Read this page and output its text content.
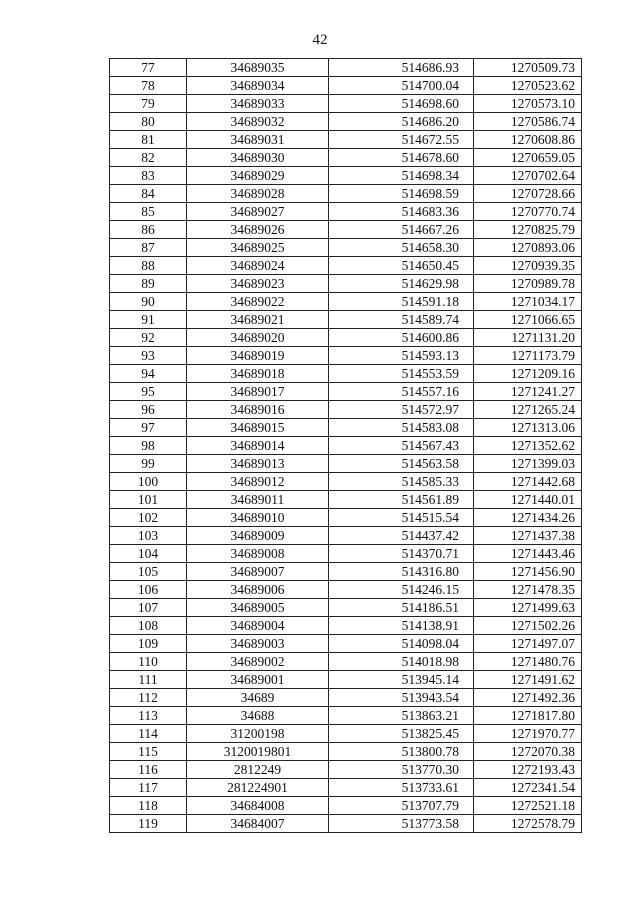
42
77	34689035	514686.93	1270509.73
78	34689034	514700.04	1270523.62
79	34689033	514698.60	1270573.10
80	34689032	514686.20	1270586.74
81	34689031	514672.55	1270608.86
82	34689030	514678.60	1270659.05
83	34689029	514698.34	1270702.64
84	34689028	514698.59	1270728.66
85	34689027	514683.36	1270770.74
86	34689026	514667.26	1270825.79
87	34689025	514658.30	1270893.06
88	34689024	514650.45	1270939.35
89	34689023	514629.98	1270989.78
90	34689022	514591.18	1271034.17
91	34689021	514589.74	1271066.65
92	34689020	514600.86	1271131.20
93	34689019	514593.13	1271173.79
94	34689018	514553.59	1271209.16
95	34689017	514557.16	1271241.27
96	34689016	514572.97	1271265.24
97	34689015	514583.08	1271313.06
98	34689014	514567.43	1271352.62
99	34689013	514563.58	1271399.03
100	34689012	514585.33	1271442.68
101	34689011	514561.89	1271440.01
102	34689010	514515.54	1271434.26
103	34689009	514437.42	1271437.38
104	34689008	514370.71	1271443.46
105	34689007	514316.80	1271456.90
106	34689006	514246.15	1271478.35
107	34689005	514186.51	1271499.63
108	34689004	514138.91	1271502.26
109	34689003	514098.04	1271497.07
110	34689002	514018.98	1271480.76
111	34689001	513945.14	1271491.62
112	34689	513943.54	1271492.36
113	34688	513863.21	1271817.80
114	31200198	513825.45	1271970.77
115	3120019801	513800.78	1272070.38
116	2812249	513770.30	1272193.43
117	281224901	513733.61	1272341.54
118	34684008	513707.79	1272521.18
119	34684007	513773.58	1272578.79
